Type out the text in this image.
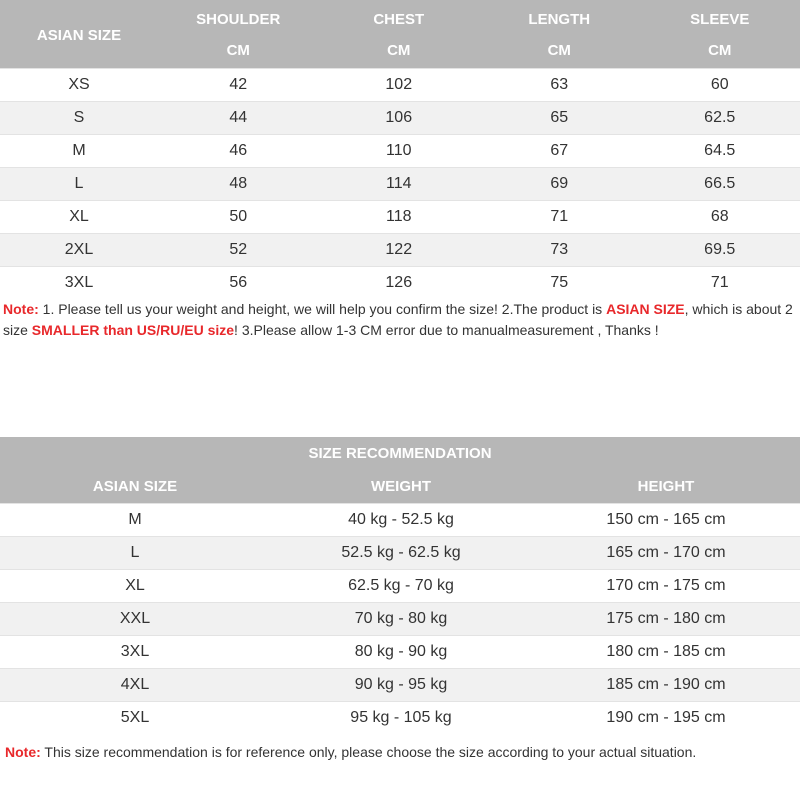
ASIAN SIZE	SHOULDER	CHEST	LENGTH	SLEEVE
	CM	CM	CM	CM
XS	42	102	63	60
S	44	106	65	62.5
M	46	110	67	64.5
L	48	114	69	66.5
XL	50	118	71	68
2XL	52	122	73	69.5
3XL	56	126	75	71

Note: 1. Please tell us your weight and height, we will help you confirm the size! 2.The product is ASIAN SIZE, which is about 2 size SMALLER than US/RU/EU size! 3.Please allow 1-3 CM error due to manualmeasurement , Thanks !

SIZE RECOMMENDATION		
ASIAN SIZE	WEIGHT	HEIGHT
M	40 kg - 52.5 kg	150 cm - 165 cm
L	52.5 kg - 62.5 kg	165 cm - 170 cm
XL	62.5 kg - 70 kg	170 cm - 175 cm
XXL	70 kg - 80 kg	175 cm - 180 cm
3XL	80 kg - 90 kg	180 cm - 185 cm
4XL	90 kg - 95 kg	185 cm - 190 cm
5XL	95 kg - 105 kg	190 cm - 195 cm

Note: This size recommendation is for reference only, please choose the size according to your actual situation.
